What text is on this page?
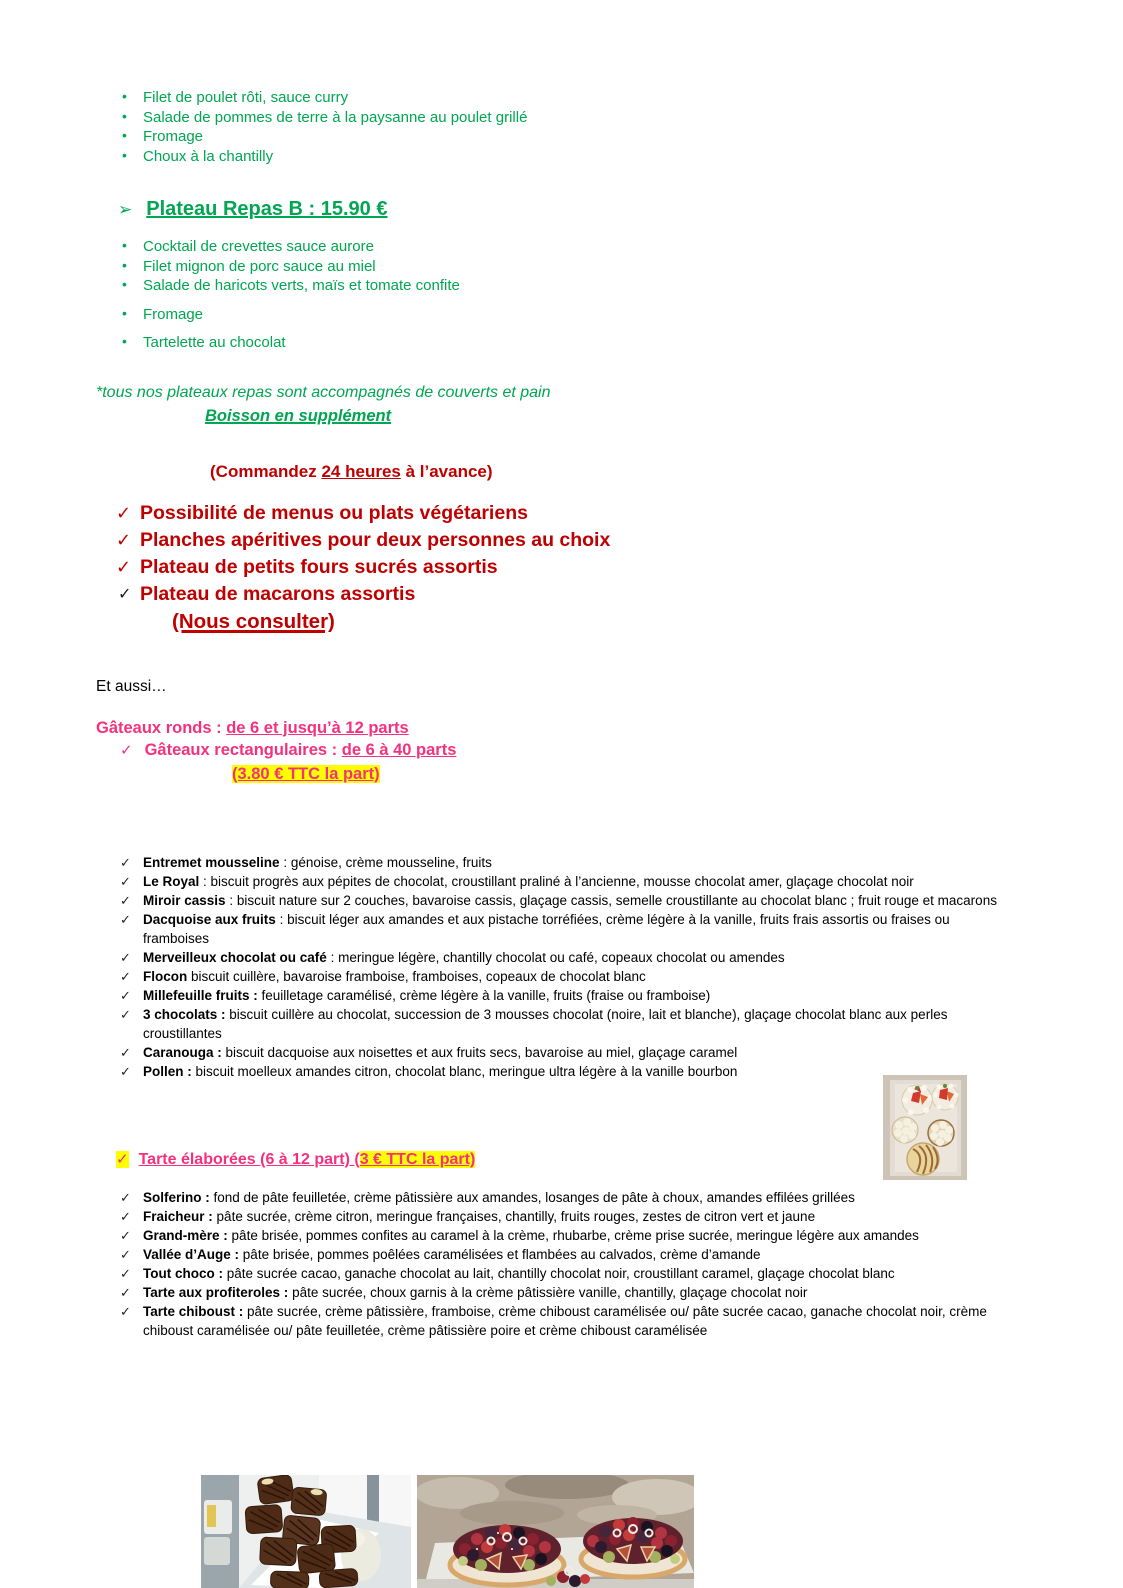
• Filet de poulet rôti, sauce curry
• Salade de pommes de terre à la paysanne au poulet grillé
• Fromage
• Choux à la chantilly
➢ Plateau Repas B : 15.90 €
• Cocktail de crevettes sauce aurore
• Filet mignon de porc sauce au miel
• Salade de haricots verts, maïs et tomate confite
• Fromage
• Tartelette au chocolat
*tous nos plateaux repas sont accompagnés de couverts et pain
Boisson en supplément
(Commandez 24 heures à l’avance)
✓ Possibilité de menus ou plats végétariens
✓ Planches apéritives pour deux personnes au choix
✓ Plateau de petits fours sucrés assortis
✓ Plateau de macarons assortis
(Nous consulter)
Et aussi…
Gâteaux ronds : de 6 et jusqu’à 12 parts
✓ Gâteaux rectangulaires : de 6 à 40 parts
(3.80 € TTC la part)
✓ Entremet mousseline : génoise, crème mousseline, fruits
✓ Le Royal : biscuit progrès aux pépites de chocolat, croustillant praliné à l’ancienne, mousse chocolat amer, glaçage chocolat noir
✓ Miroir cassis : biscuit nature sur 2 couches, bavaroise cassis, glaçage cassis, semelle croustillante au chocolat blanc ; fruit rouge et macarons
✓ Dacquoise aux fruits : biscuit léger aux amandes et aux pistache torréfiées, crème légère à la vanille, fruits frais assortis ou fraises ou framboises
✓ Merveilleux chocolat ou café : meringue légère, chantilly chocolat ou café, copeaux chocolat ou amendes
✓ Flocon biscuit cuillère, bavaroise framboise, framboises, copeaux de chocolat blanc
✓ Millefeuille fruits : feuilletage caramélisé, crème légère à la vanille, fruits (fraise ou framboise)
✓ 3 chocolats : biscuit cuillère au chocolat, succession de 3 mousses chocolat (noire, lait et blanche), glaçage chocolat blanc aux perles croustillantes
✓ Caranouga : biscuit dacquoise aux noisettes et aux fruits secs, bavaroise au miel, glaçage caramel
✓ Pollen : biscuit moelleux amandes citron, chocolat blanc, meringue ultra légère à la vanille bourbon
✓ Tarte élaborées (6 à 12 part) (3 € TTC la part)
✓ Solferino : fond de pâte feuilletée, crème pâtissière aux amandes, losanges de pâte à choux, amandes effilées grillées
✓ Fraicheur : pâte sucrée, crème citron, meringue françaises, chantilly, fruits rouges, zestes de citron vert et jaune
✓ Grand-mère : pâte brisée, pommes confites au caramel à la crème, rhubarbe, crème prise sucrée, meringue légère aux amandes
✓ Vallée d’Auge : pâte brisée, pommes poêlées caramélisées et flambées au calvados, crème d’amande
✓ Tout choco : pâte sucrée cacao, ganache chocolat au lait, chantilly chocolat noir, croustillant caramel, glaçage chocolat blanc
✓ Tarte aux profiteroles : pâte sucrée, choux garnis à la crème pâtissière vanille, chantilly, glaçage chocolat noir
✓ Tarte chiboust : pâte sucrée, crème pâtissière, framboise, crème chiboust caramélisée ou/ pâte sucrée cacao, ganache chocolat noir, crème chiboust caramélisée ou/ pâte feuilletée, crème pâtissière poire et crème chiboust caramélisée
